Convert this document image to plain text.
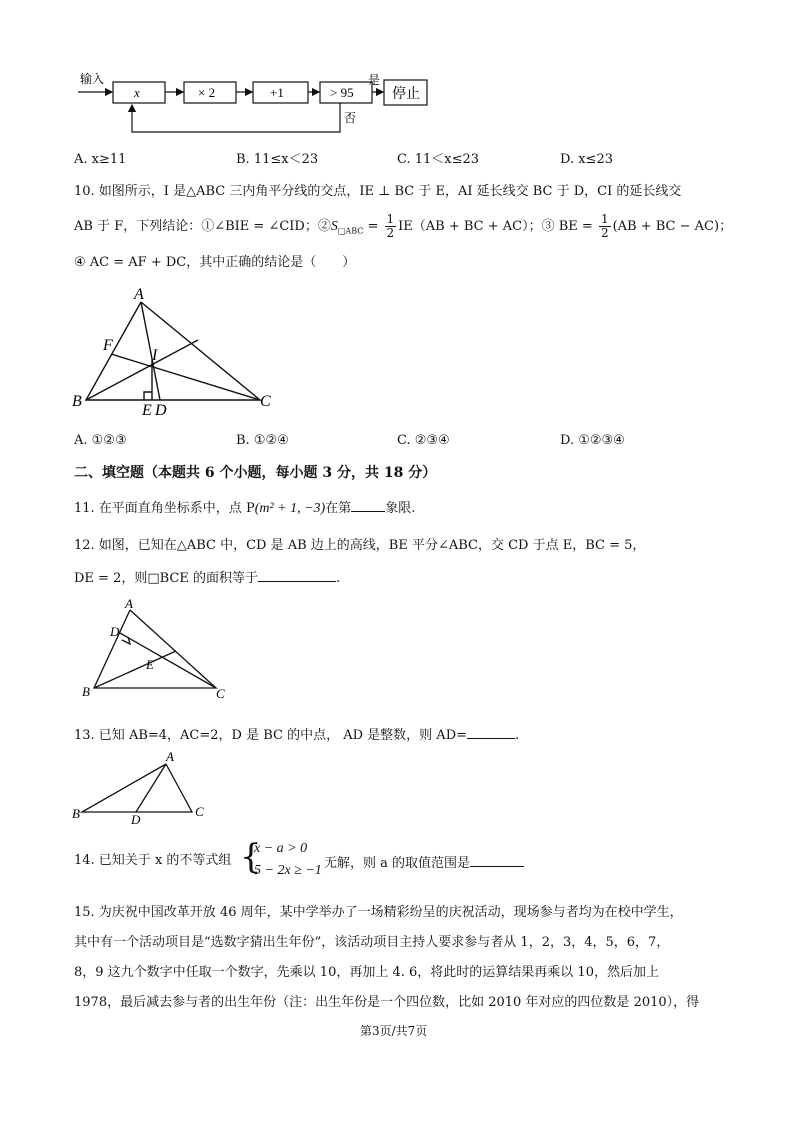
输入
x	× 2	+1	> 95
是
否
停止
A. x≥11	B. 11≤x＜23	C. 11＜x≤23	D. x≤23
10. 如图所示，I 是△ABC 三内角平分线的交点，IE ⊥ BC 于 E，AI 延长线交 BC 于 D，CI 的延长线交
AB 于 F，下列结论：①∠BIE = ∠CID；$②S_{□ABC} = \frac{1}{2} IE(AB$ + BC + AC）；③ BE = $\frac{1}{2} (AB$ + BC − AC)；
④ AC = AF + DC，其中正确的结论是（　　）
A
F
I
B	C
E D
A. ①②③	B. ①②④	C. ②③④	D. ①②③④
二、填空题（本题共 6 个小题，每小题 3 分，共 18 分）
11. 在平面直角坐标系中，点 P(m² + 1, −3)在第	象限.
12. 如图，已知在△ABC 中，CD 是 AB 边上的高线，BE 平分∠ABC，交 CD 于点 E，BC = 5，
DE = 2，则□BCE 的面积等于	.
A
D
E
B	C
13. 已知 AB=4，AC=2，D 是 BC 的中点， AD 是整数，则 AD=	.
A
B	C
D
14. 已知关于 x 的不等式组 {
x − a > 0
5 − 2x ≥ −1 无解，则 a 的取值范围是
15. 为庆祝中国改革开放 46 周年，某中学举办了一场精彩纷呈的庆祝活动，现场参与者均为在校中学生，
其中有一个活动项目是“选数字猜出生年份”，该活动项目主持人要求参与者从 1，2，3，4，5，6，7，
8，9 这九个数字中任取一个数字，先乘以 10，再加上 4. 6，将此时的运算结果再乘以 10，然后加上
1978，最后减去参与者的出生年份（注：出生年份是一个四位数，比如 2010 年对应的四位数是 2010），得
第3页/共7页
